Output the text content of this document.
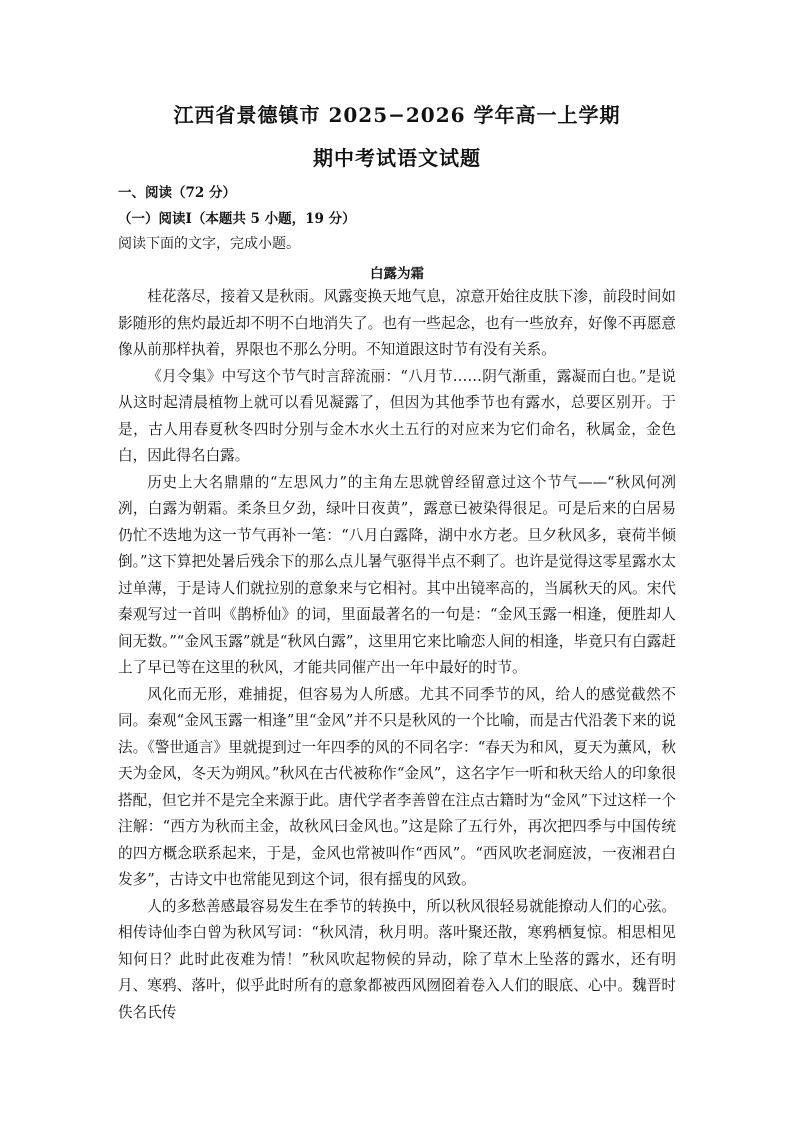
江西省景德镇市 2025−2026 学年高一上学期
期中考试语文试题
一、阅读（72 分）
（一）阅读Ⅰ（本题共 5 小题，19 分）
阅读下面的文字，完成小题。
白露为霜

桂花落尽，接着又是秋雨。风露变换天地气息，凉意开始往皮肤下渗，前段时间如影随形的焦灼最近却不明不白地消失了。也有一些起念，也有一些放弃，好像不再愿意像从前那样执着，界限也不那么分明。不知道跟这时节有没有关系。

《月令集》中写这个节气时言辞流丽：“八月节……阴气渐重，露凝而白也。”是说从这时起清晨植物上就可以看见凝露了，但因为其他季节也有露水，总要区别开。于是，古人用春夏秋冬四时分别与金木水火土五行的对应来为它们命名，秋属金，金色白，因此得名白露。

历史上大名鼎鼎的“左思风力”的主角左思就曾经留意过这个节气——“秋风何冽冽，白露为朝霜。柔条旦夕劲，绿叶日夜黄”，露意已被染得很足。可是后来的白居易仍忙不迭地为这一节气再补一笔：“八月白露降，湖中水方老。旦夕秋风多，衰荷半倾倒。”这下算把处暑后残余下的那么点儿暑气驱得半点不剩了。也许是觉得这零星露水太过单薄，于是诗人们就拉别的意象来与它相衬。其中出镜率高的，当属秋天的风。宋代秦观写过一首叫《鹊桥仙》的词，里面最著名的一句是：“金风玉露一相逢，便胜却人间无数。”“金风玉露”就是“秋风白露”，这里用它来比喻恋人间的相逢，毕竟只有白露赶上了早已等在这里的秋风，才能共同催产出一年中最好的时节。

风化而无形，难捕捉，但容易为人所感。尤其不同季节的风，给人的感觉截然不同。秦观“金风玉露一相逢”里“金风”并不只是秋风的一个比喻，而是古代沿袭下来的说法。《警世通言》里就提到过一年四季的风的不同名字：“春天为和风，夏天为薰风，秋天为金风，冬天为朔风。”秋风在古代被称作“金风”，这名字乍一听和秋天给人的印象很搭配，但它并不是完全来源于此。唐代学者李善曾在注点古籍时为“金风”下过这样一个注解：“西方为秋而主金，故秋风曰金风也。”这是除了五行外，再次把四季与中国传统的四方概念联系起来，于是，金风也常被叫作“西风”。“西风吹老洞庭波，一夜湘君白发多”，古诗文中也常能见到这个词，很有摇曳的风致。

人的多愁善感最容易发生在季节的转换中，所以秋风很轻易就能撩动人们的心弦。相传诗仙李白曾为秋风写词：“秋风清，秋月明。落叶聚还散，寒鸦栖复惊。相思相见知何日？此时此夜难为情！”秋风吹起物候的异动，除了草木上坠落的露水，还有明月、寒鸦、落叶，似乎此时所有的意象都被西风囫囵着卷入人们的眼底、心中。魏晋时佚名氏传
